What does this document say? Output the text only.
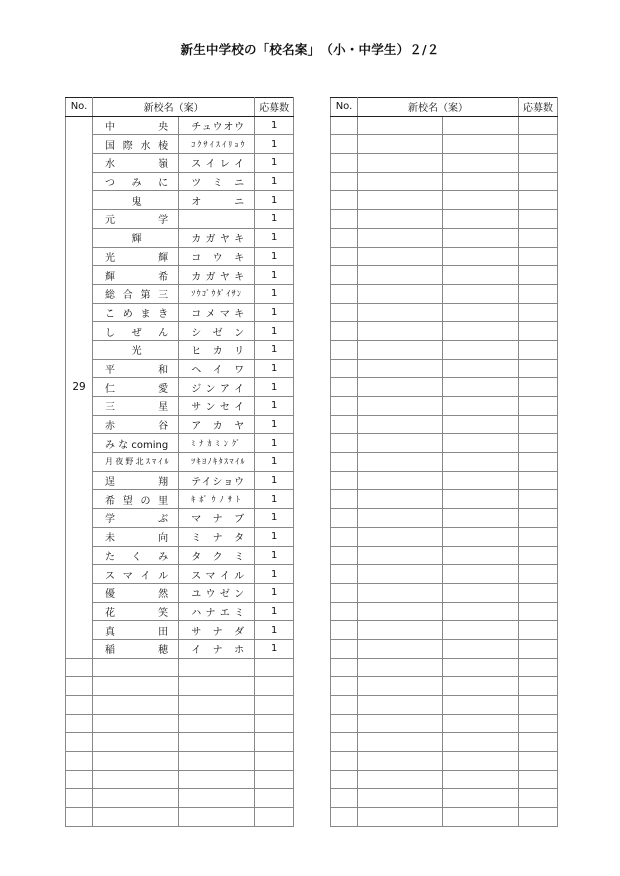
新生中学校の「校名案」　（小・中学生）２/２
No.	新校名（案）		応募数
29	中　央	チュウオウ	1
	国 際 水 棱	ｺｸｻｲｽｲﾘｮｳ	1
	水　嶺	ス イ レ イ	1
	つ み に	ツ ミ ニ	1
	鬼	オ　ニ	1
	元　学		1
	輝	カ ガ ヤ キ	1
	光　輝	コ ウ キ	1
	輝　希	カ ガ ヤ キ	1
	総 合 第 三	ｿｳｺﾞｳﾀﾞｲｻﾝ	1
	こ め ま き	コ メ マ キ	1
	し ぜ ん	シ ゼ ン	1
	光	ヒ カ リ	1
	平　和	ヘ イ ワ	1
	仁　愛	ジ ン ア イ	1
	三　星	サ ン セ イ	1
	赤　谷	ア カ ヤ	1
	み な coming	ﾐﾅｶﾐﾝｸﾞ	1
	月夜野北ｽﾏｲﾙ	ﾂｷﾖﾉｷﾀｽﾏｲﾙ	1
	逞　翔	テイショウ	1
	希 望 の 里	ｷﾎﾞｳﾉｻﾄ	1
	学　ぶ	マ ナ ブ	1
	未　向	ミ ナ タ	1
	た く み	タ ク ミ	1
	ス マ イ ル	ス マ イ ル	1
	優　然	ユ ウ ゼ ン	1
	花　笑	ハ ナ エ ミ	1
	真　田	サ ナ ダ	1
	稲　穂	イ ナ ホ	1

No.	新校名（案）		応募数
